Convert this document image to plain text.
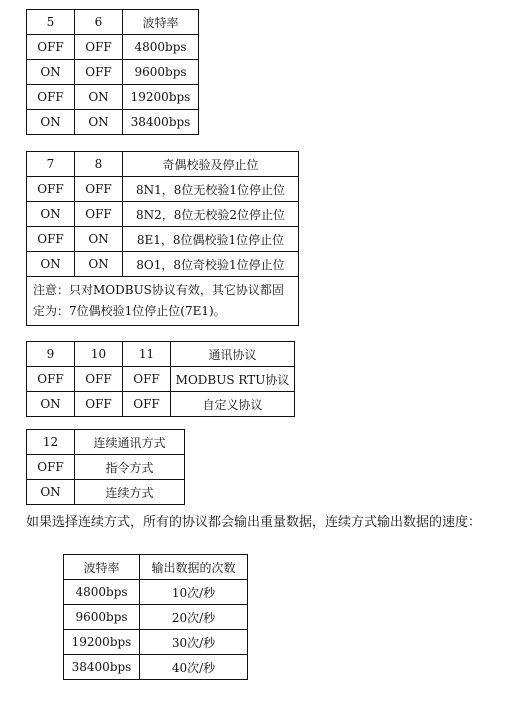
5	6	波特率
OFF	OFF	4800bps
ON	OFF	9600bps
OFF	ON	19200bps
ON	ON	38400bps
7	8	奇偶校验及停止位
OFF	OFF	8N1，8位无校验1位停止位
ON	OFF	8N2，8位无校验2位停止位
OFF	ON	8E1，8位偶校验1位停止位
ON	ON	8O1，8位奇校验1位停止位
注意：只对MODBUS协议有效，其它协议都固定为：7位偶校验1位停止位(7E1)。		
9	10	11	通讯协议
OFF	OFF	OFF	MODBUS RTU协议
ON	OFF	OFF	自定义协议
12	连续通讯方式
OFF	指令方式
ON	连续方式
如果选择连续方式，所有的协议都会输出重量数据，连续方式输出数据的速度：
波特率	输出数据的次数
4800bps	10次/秒
9600bps	20次/秒
19200bps	30次/秒
38400bps	40次/秒
